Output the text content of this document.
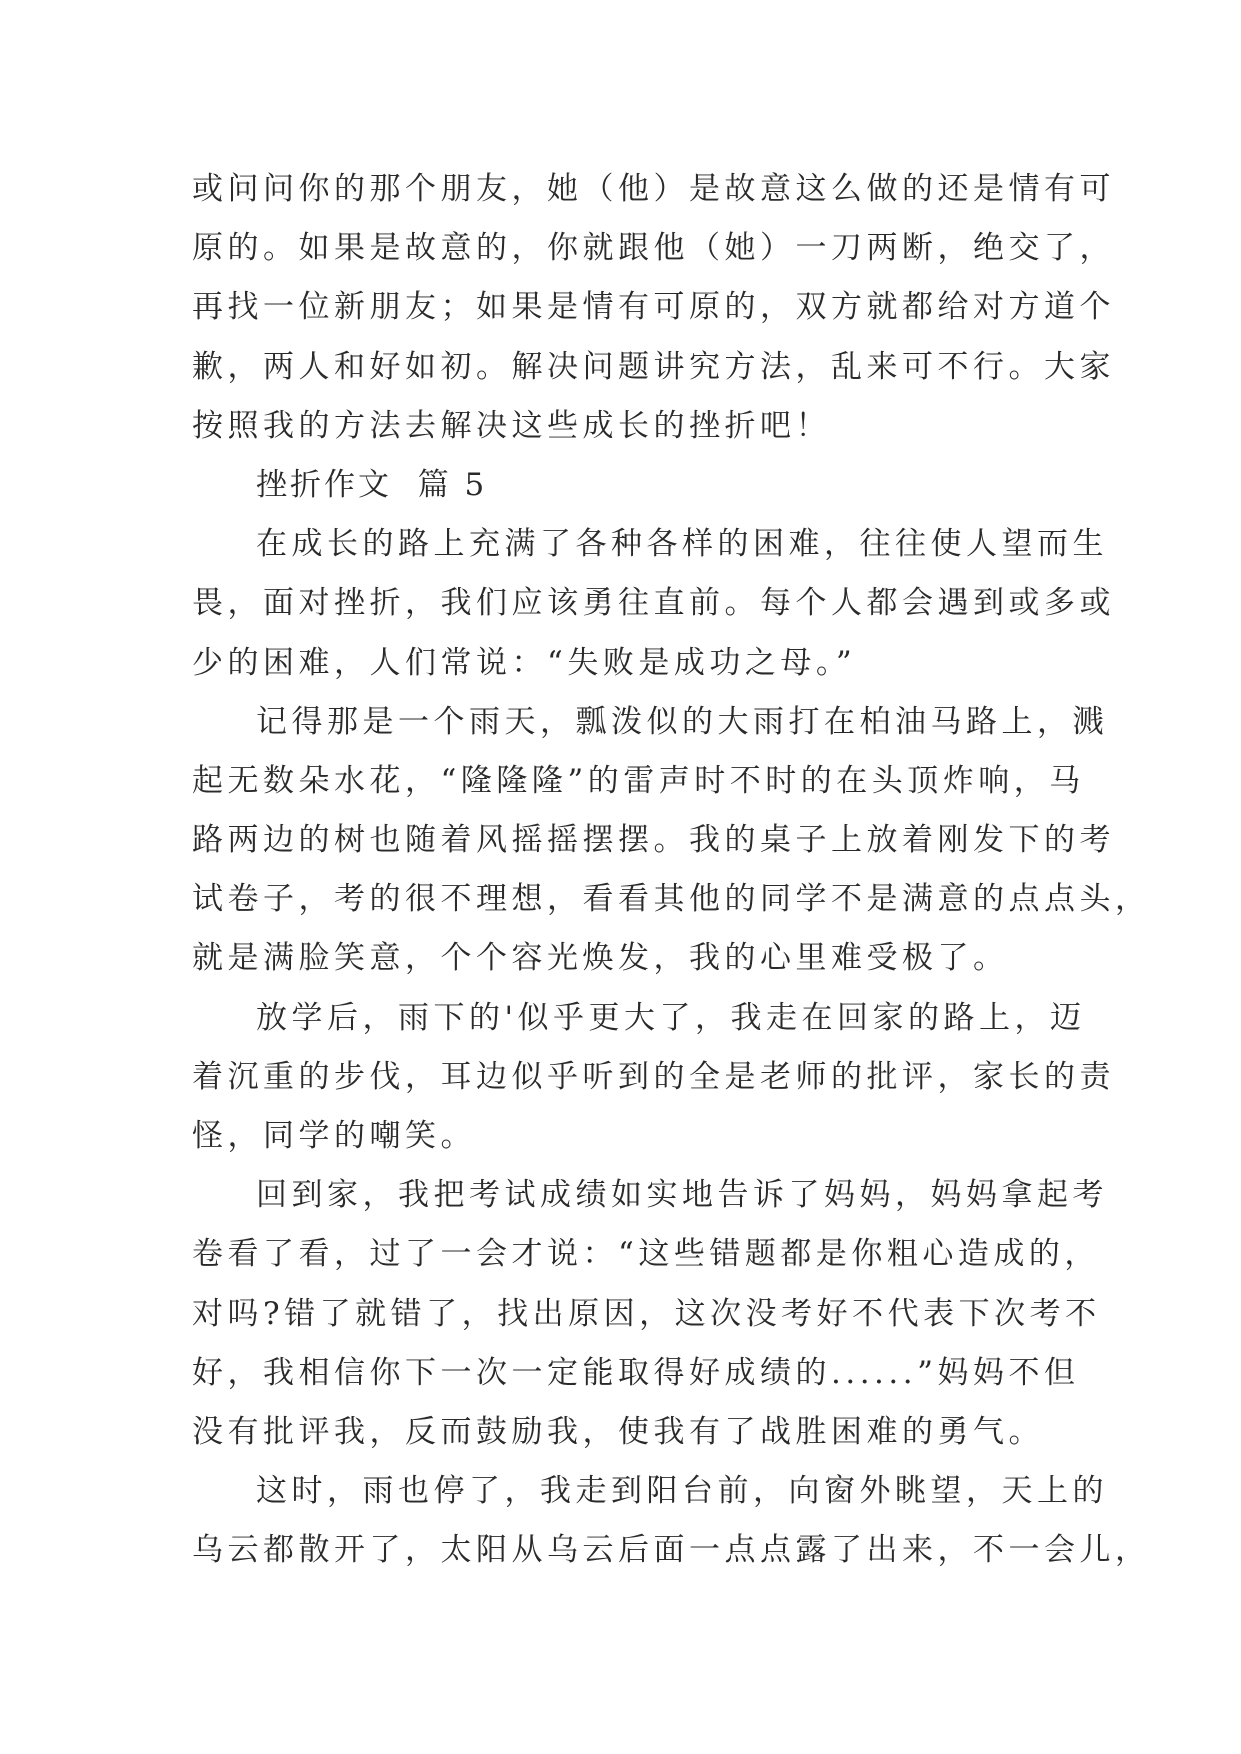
或问问你的那个朋友，她（他）是故意这么做的还是情有可
原的。如果是故意的，你就跟他（她）一刀两断，绝交了，
再找一位新朋友；如果是情有可原的，双方就都给对方道个
歉，两人和好如初。解决问题讲究方法，乱来可不行。大家
按照我的方法去解决这些成长的挫折吧！
挫折作文  篇 5
在成长的路上充满了各种各样的困难，往往使人望而生
畏，面对挫折，我们应该勇往直前。每个人都会遇到或多或
少的困难，人们常说：“失败是成功之母。”
记得那是一个雨天，瓢泼似的大雨打在柏油马路上，溅
起无数朵水花，“隆隆隆”的雷声时不时的在头顶炸响，马
路两边的树也随着风摇摇摆摆。我的桌子上放着刚发下的考
试卷子，考的很不理想，看看其他的同学不是满意的点点头，
就是满脸笑意，个个容光焕发，我的心里难受极了。
放学后，雨下的'似乎更大了，我走在回家的路上，迈
着沉重的步伐，耳边似乎听到的全是老师的批评，家长的责
怪，同学的嘲笑。
回到家，我把考试成绩如实地告诉了妈妈，妈妈拿起考
卷看了看，过了一会才说：“这些错题都是你粗心造成的，
对吗?错了就错了，找出原因，这次没考好不代表下次考不
好，我相信你下一次一定能取得好成绩的......”妈妈不但
没有批评我，反而鼓励我，使我有了战胜困难的勇气。
这时，雨也停了，我走到阳台前，向窗外眺望，天上的
乌云都散开了，太阳从乌云后面一点点露了出来，不一会儿，
